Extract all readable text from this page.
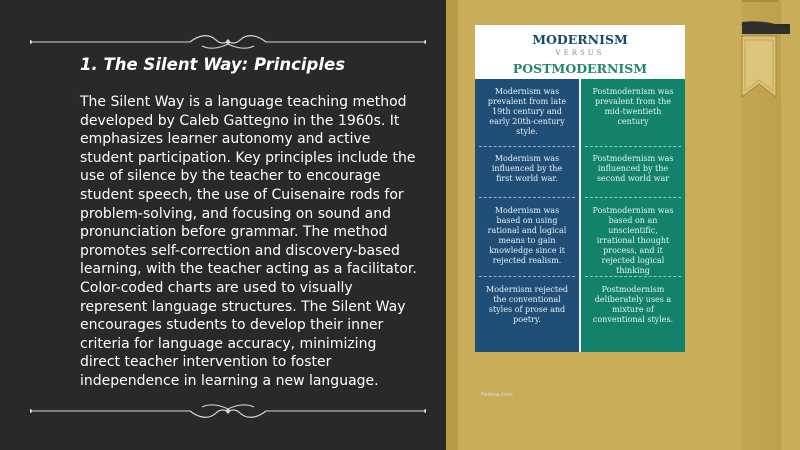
1. The Silent Way: Principles

The Silent Way is a language teaching method developed by Caleb Gattegno in the 1960s. It emphasizes learner autonomy and active student participation. Key principles include the use of silence by the teacher to encourage student speech, the use of Cuisenaire rods for problem-solving, and focusing on sound and pronunciation before grammar. The method promotes self-correction and discovery-based learning, with the teacher acting as a facilitator. Color-coded charts are used to visually represent language structures. The Silent Way encourages students to develop their inner criteria for language accuracy, minimizing direct teacher intervention to foster independence in learning a new language.

MODERNISM
VERSUS
POSTMODERNISM
Modernism was prevalent from late 19th century and early 20th-century style.
Modernism was influenced by the first world war.
Modernism was based on using rational and logical means to gain knowledge since it rejected realism.
Modernism rejected the conventional styles of prose and poetry.
Pediaa.com
Postmodernism was prevalent from the mid-twentieth century
Postmodernism was influenced by the second world war
Postmodernism was based on an unscientific, irrational thought process, and it rejected logical thinking
Postmodernism deliberately uses a mixture of conventional styles.
